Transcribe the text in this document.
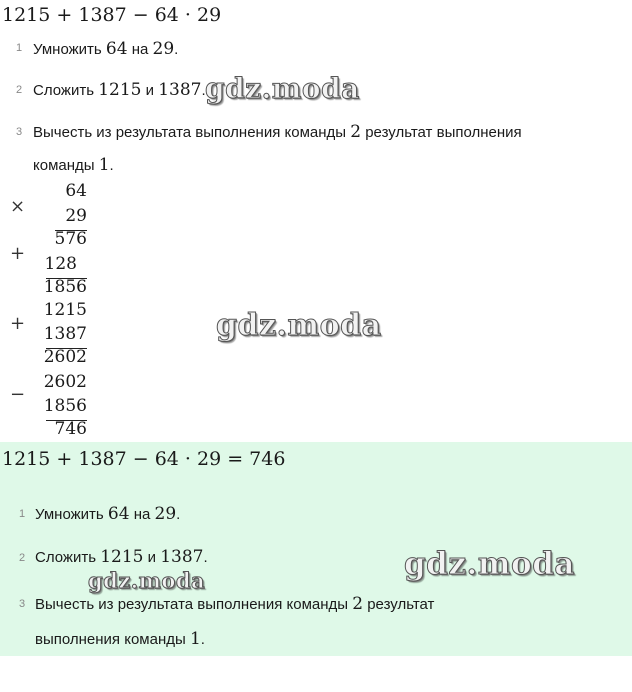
1215 + 1387 − 64 · 29
1 Умножить 64 на 29.
2 Сложить 1215 и 1387.
3 Вычесть из результата выполнения команды 2 результат выполнения
команды 1.
×
64
29
576
+	128
1856
+
1215
1387
2602
−
2602
1856
746
1215 + 1387 − 64 · 29 = 746
1 Умножить 64 на 29.
2 Сложить 1215 и 1387.
3 Вычесть из результата выполнения команды 2 результат
выполнения команды 1.
gdz.moda
gdz.moda
gdz.moda
gdz.moda
